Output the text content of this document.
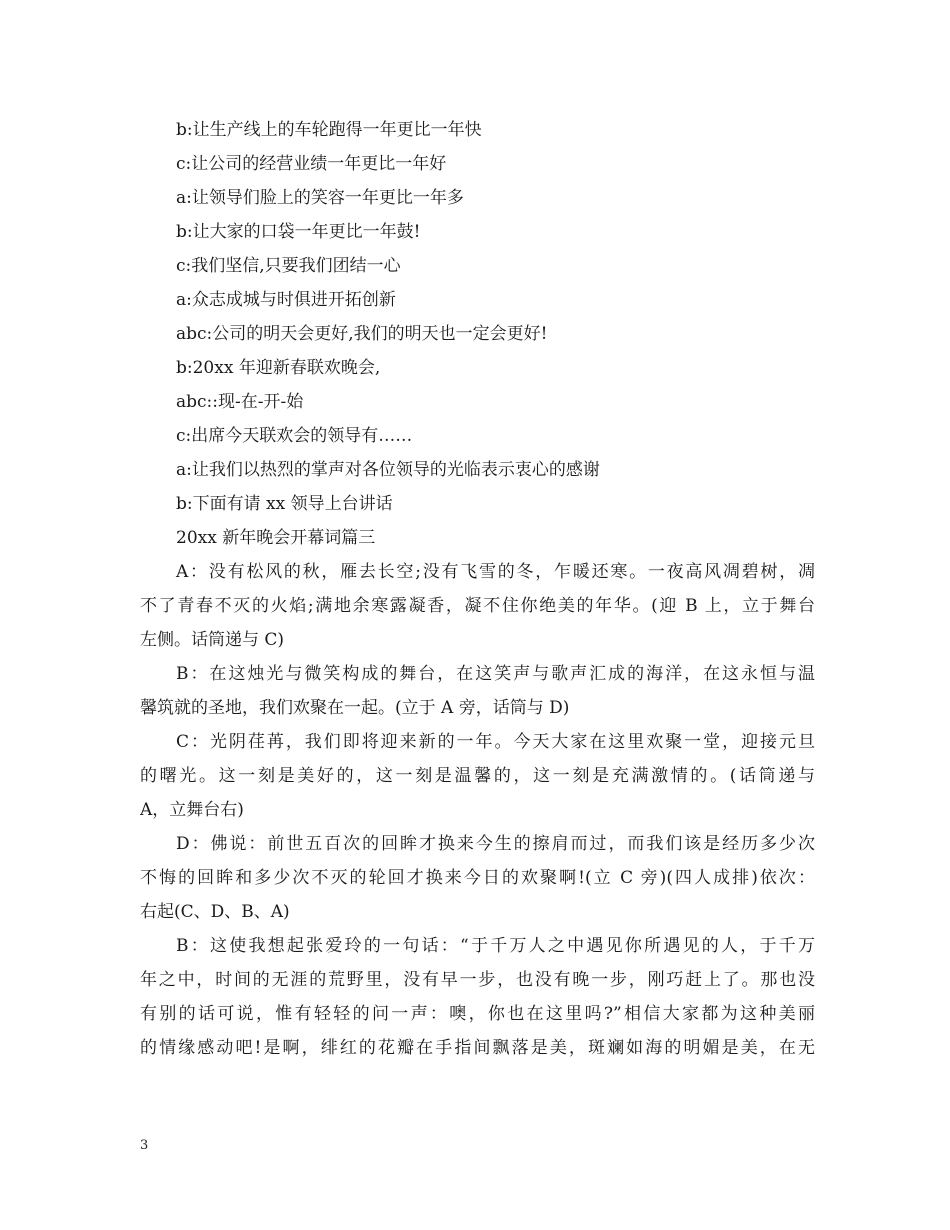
b:让生产线上的车轮跑得一年更比一年快
c:让公司的经营业绩一年更比一年好
a:让领导们脸上的笑容一年更比一年多
b:让大家的口袋一年更比一年鼓!
c:我们坚信,只要我们团结一心
a:众志成城与时俱进开拓创新
abc:公司的明天会更好,我们的明天也一定会更好!
b:20xx 年迎新春联欢晚会,
abc::现-在-开-始
c:出席今天联欢会的领导有……
a:让我们以热烈的掌声对各位领导的光临表示衷心的感谢
b:下面有请 xx 领导上台讲话
20xx 新年晚会开幕词篇三
A：没有松风的秋，雁去长空;没有飞雪的冬，乍暖还寒。一夜高风凋碧树，凋
不了青春不灭的火焰;满地余寒露凝香，凝不住你绝美的年华。(迎 B 上，立于舞台
左侧。话筒递与 C)
B：在这烛光与微笑构成的舞台，在这笑声与歌声汇成的海洋，在这永恒与温
馨筑就的圣地，我们欢聚在一起。(立于 A 旁，话筒与 D)
C：光阴荏苒，我们即将迎来新的一年。今天大家在这里欢聚一堂，迎接元旦
的曙光。这一刻是美好的，这一刻是温馨的，这一刻是充满激情的。(话筒递与
A，立舞台右)
D：佛说：前世五百次的回眸才换来今生的擦肩而过，而我们该是经历多少次
不悔的回眸和多少次不灭的轮回才换来今日的欢聚啊!(立 C 旁)(四人成排)依次：
右起(C、D、B、A)
B：这使我想起张爱玲的一句话：“于千万人之中遇见你所遇见的人，于千万
年之中，时间的无涯的荒野里，没有早一步，也没有晚一步，刚巧赶上了。那也没
有别的话可说，惟有轻轻的问一声：噢，你也在这里吗?”相信大家都为这种美丽
的情缘感动吧!是啊，绯红的花瓣在手指间飘落是美，斑斓如海的明媚是美，在无
3
